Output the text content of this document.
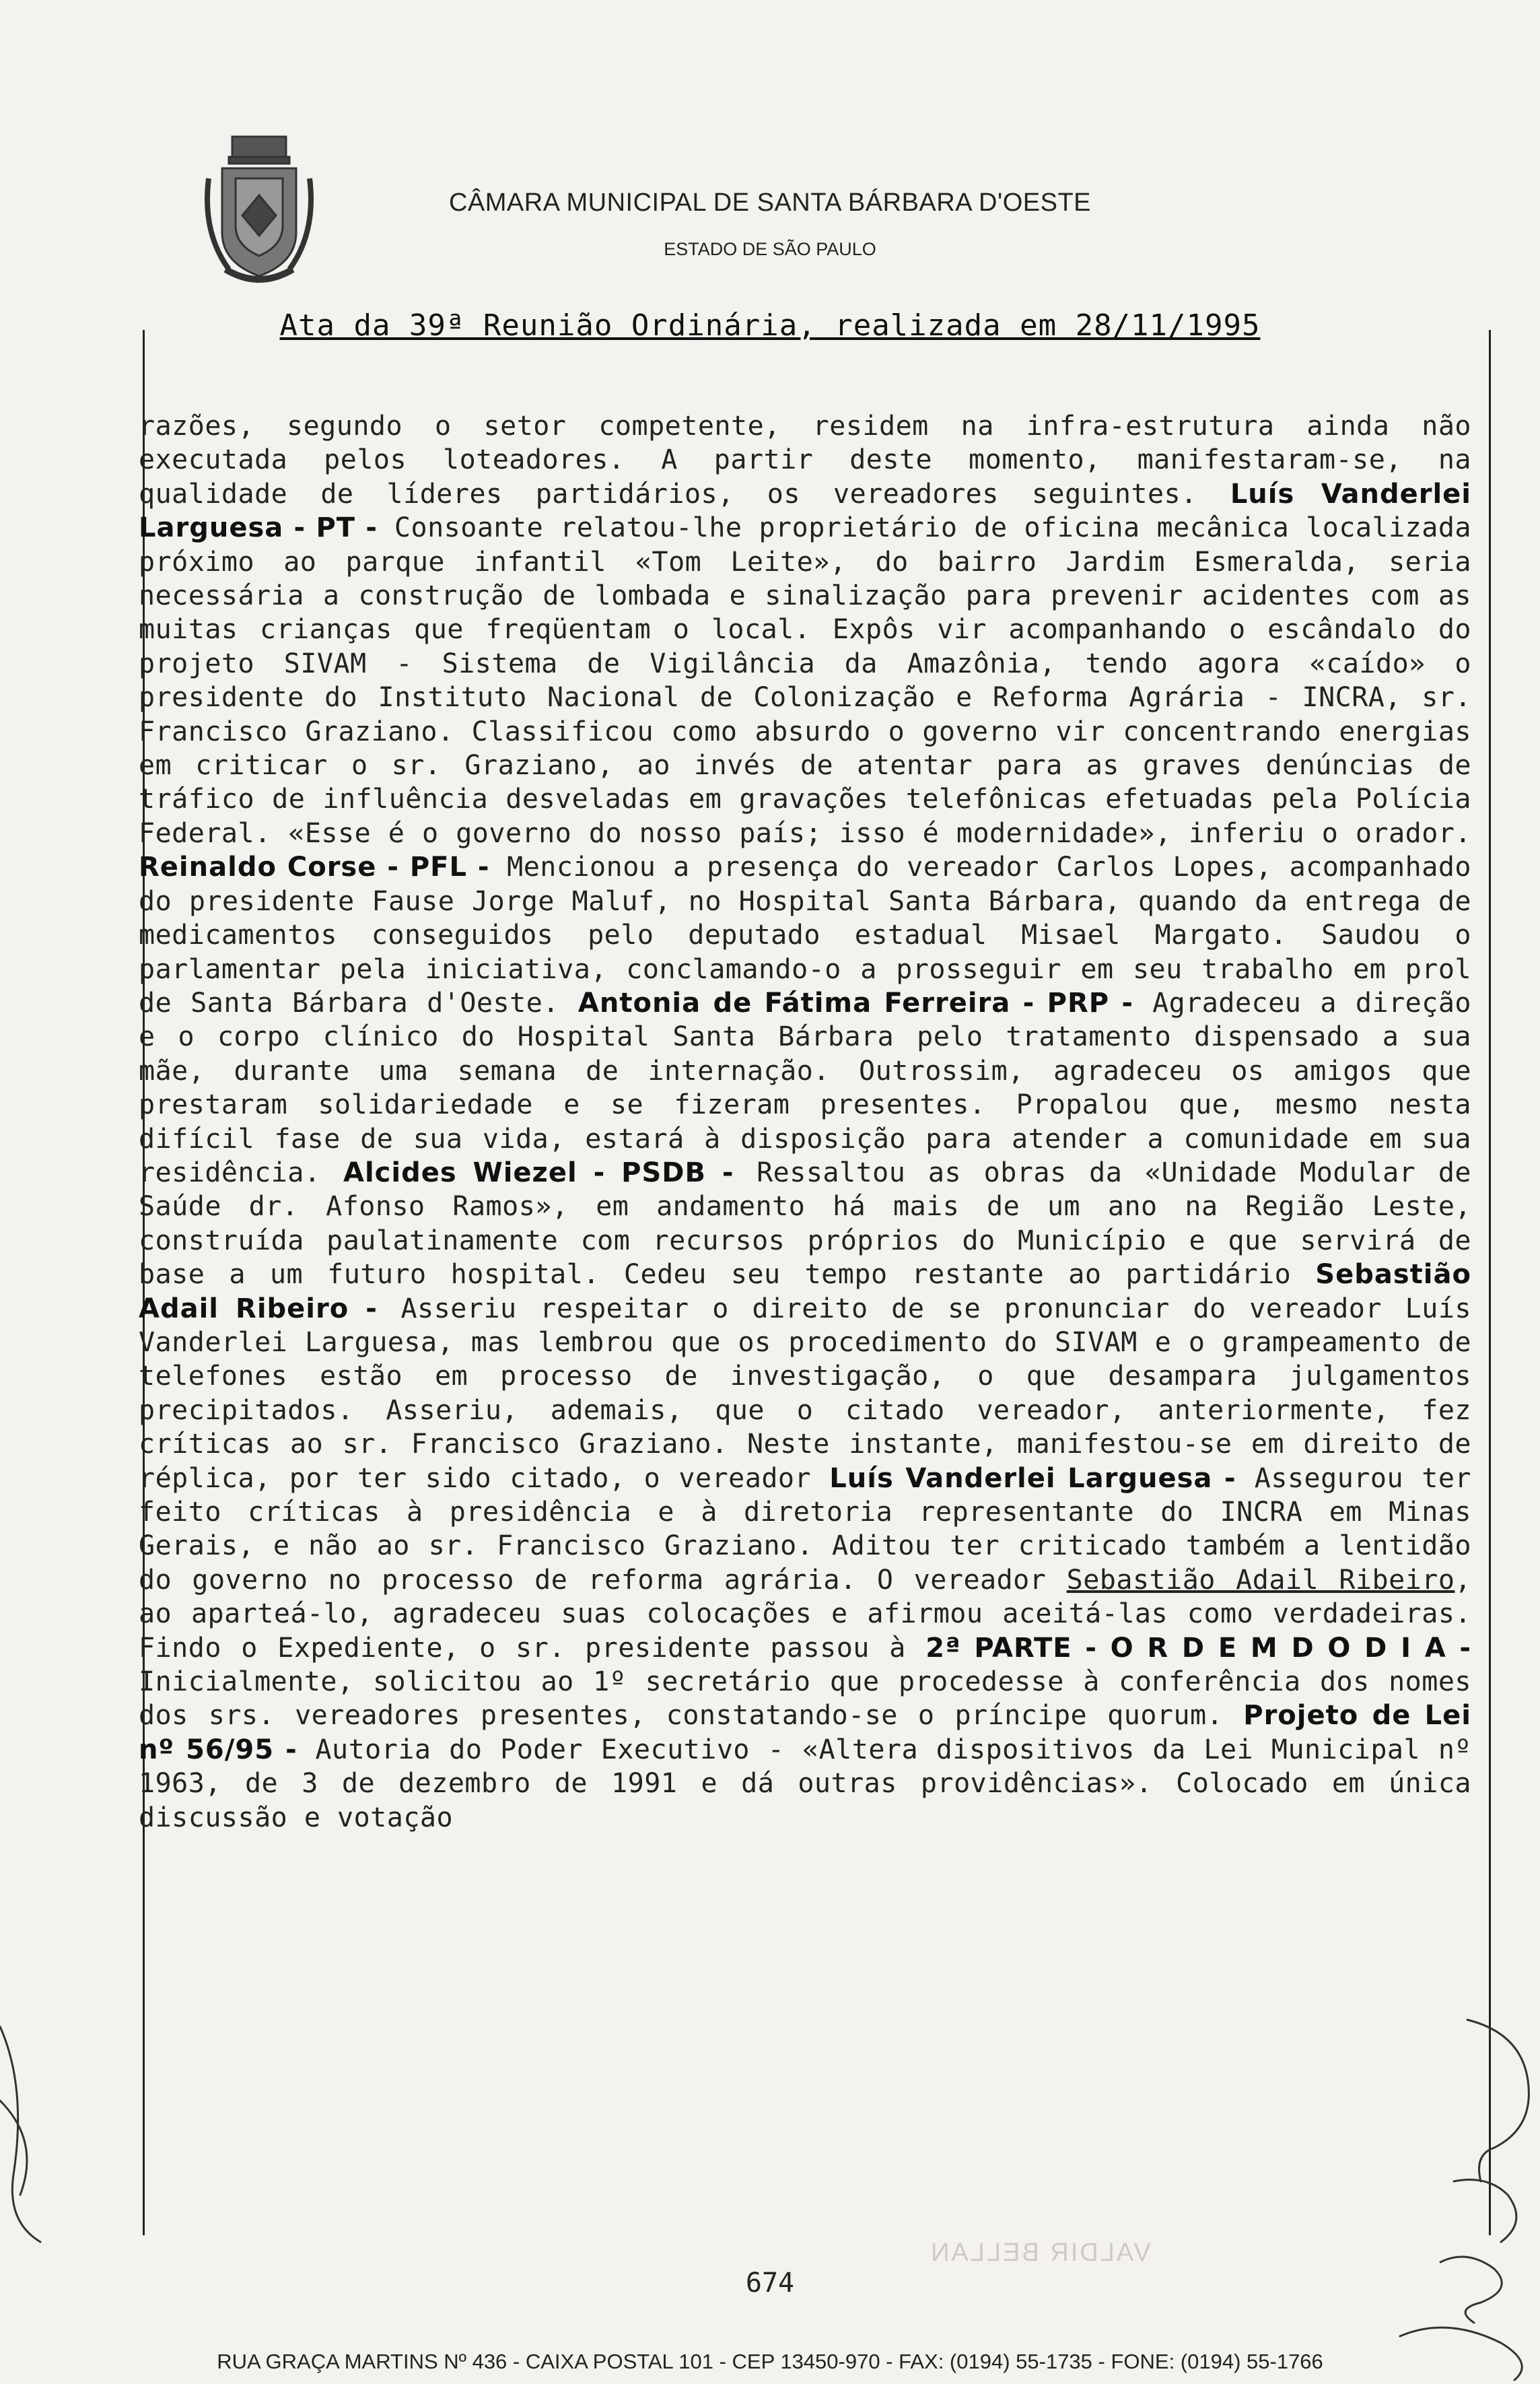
CÂMARA MUNICIPAL DE SANTA BÁRBARA D'OESTE
ESTADO DE SÃO PAULO
Ata da 39ª Reunião Ordinária, realizada em 28/11/1995
razões, segundo o setor competente, residem na infra-estrutura ainda não executada pelos loteadores. A partir deste momento, manifestaram-se, na qualidade de líderes partidários, os vereadores seguintes. Luís Vanderlei Larguesa - PT - Consoante relatou-lhe proprietário de oficina mecânica localizada próximo ao parque infantil «Tom Leite», do bairro Jardim Esmeralda, seria necessária a construção de lombada e sinalização para prevenir acidentes com as muitas crianças que freqüentam o local. Expôs vir acompanhando o escândalo do projeto SIVAM - Sistema de Vigilância da Amazônia, tendo agora «caído» o presidente do Instituto Nacional de Colonização e Reforma Agrária - INCRA, sr. Francisco Graziano. Classificou como absurdo o governo vir concentrando energias em criticar o sr. Graziano, ao invés de atentar para as graves denúncias de tráfico de influência desveladas em gravações telefônicas efetuadas pela Polícia Federal. «Esse é o governo do nosso país; isso é modernidade», inferiu o orador. Reinaldo Corse - PFL - Mencionou a presença do vereador Carlos Lopes, acompanhado do presidente Fause Jorge Maluf, no Hospital Santa Bárbara, quando da entrega de medicamentos conseguidos pelo deputado estadual Misael Margato. Saudou o parlamentar pela iniciativa, conclamando-o a prosseguir em seu trabalho em prol de Santa Bárbara d'Oeste. Antonia de Fátima Ferreira - PRP - Agradeceu a direção e o corpo clínico do Hospital Santa Bárbara pelo tratamento dispensado a sua mãe, durante uma semana de internação. Outrossim, agradeceu os amigos que prestaram solidariedade e se fizeram presentes. Propalou que, mesmo nesta difícil fase de sua vida, estará à disposição para atender a comunidade em sua residência. Alcides Wiezel - PSDB - Ressaltou as obras da «Unidade Modular de Saúde dr. Afonso Ramos», em andamento há mais de um ano na Região Leste, construída paulatinamente com recursos próprios do Município e que servirá de base a um futuro hospital. Cedeu seu tempo restante ao partidário Sebastião Adail Ribeiro - Asseriu respeitar o direito de se pronunciar do vereador Luís Vanderlei Larguesa, mas lembrou que os procedimento do SIVAM e o grampeamento de telefones estão em processo de investigação, o que desampara julgamentos precipitados. Asseriu, ademais, que o citado vereador, anteriormente, fez críticas ao sr. Francisco Graziano. Neste instante, manifestou-se em direito de réplica, por ter sido citado, o vereador Luís Vanderlei Larguesa - Assegurou ter feito críticas à presidência e à diretoria representante do INCRA em Minas Gerais, e não ao sr. Francisco Graziano. Aditou ter criticado também a lentidão do governo no processo de reforma agrária. O vereador Sebastião Adail Ribeiro, ao aparteá-lo, agradeceu suas colocações e afirmou aceitá-las como verdadeiras. Findo o Expediente, o sr. presidente passou à 2ª PARTE - O R D E M D O D I A - Inicialmente, solicitou ao 1º secretário que procedesse à conferência dos nomes dos srs. vereadores presentes, constatando-se o príncipe quorum. Projeto de Lei nº 56/95 - Autoria do Poder Executivo - «Altera dispositivos da Lei Municipal nº 1963, de 3 de dezembro de 1991 e dá outras providências». Colocado em única discussão e votação
VALDIR BELLAN
674
RUA GRAÇA MARTINS Nº 436 - CAIXA POSTAL 101 - CEP 13450-970 - FAX: (0194) 55-1735 - FONE: (0194) 55-1766
